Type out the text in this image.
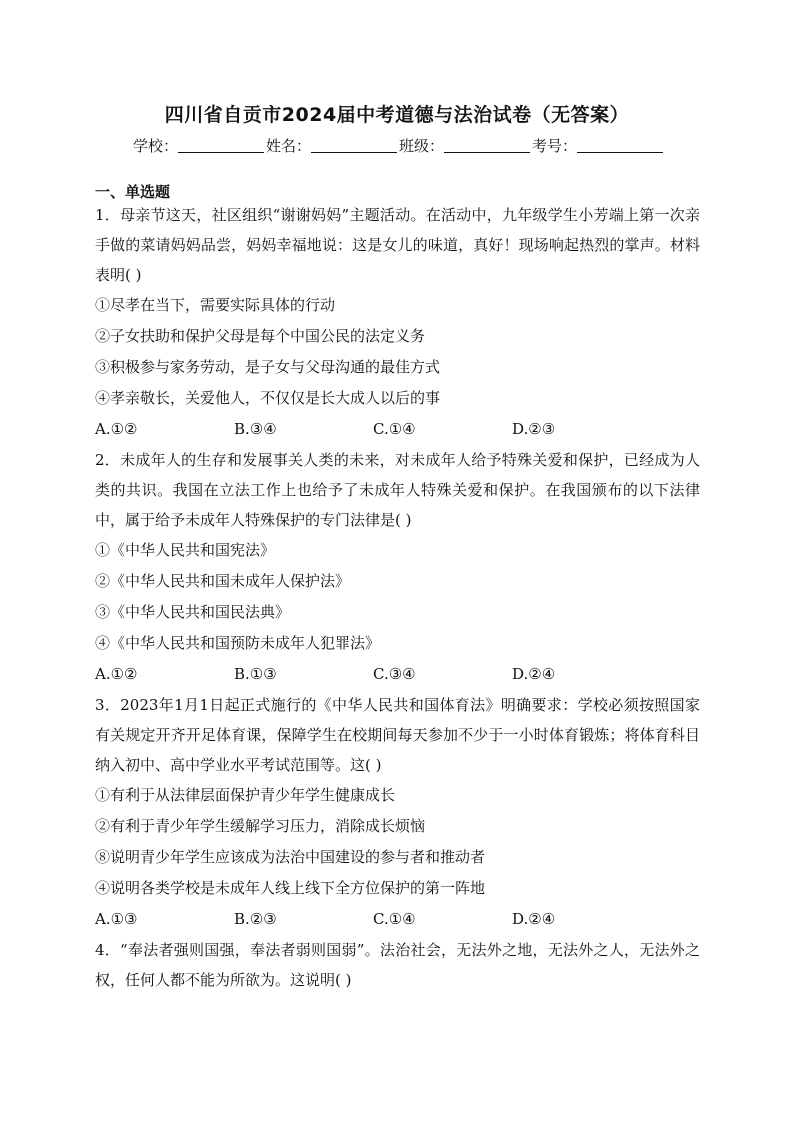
四川省自贡市2024届中考道德与法治试卷（无答案）
学校：	姓名：	班级：	考号：
一、单选题

1．母亲节这天，社区组织“谢谢妈妈”主题活动。在活动中，九年级学生小芳端上第一次亲手做的菜请妈妈品尝，妈妈幸福地说：这是女儿的味道，真好！现场响起热烈的掌声。材料表明( )

①尽孝在当下，需要实际具体的行动
②子女扶助和保护父母是每个中国公民的法定义务
③积极参与家务劳动，是子女与父母沟通的最佳方式
④孝亲敬长，关爱他人，不仅仅是长大成人以后的事
A.①②	B.③④	C.①④	D.②③

2．未成年人的生存和发展事关人类的未来，对未成年人给予特殊关爱和保护，已经成为人类的共识。我国在立法工作上也给予了未成年人特殊关爱和保护。在我国颁布的以下法律中，属于给予未成年人特殊保护的专门法律是( )

①《中华人民共和国宪法》
②《中华人民共和国未成年人保护法》
③《中华人民共和国民法典》
④《中华人民共和国预防未成年人犯罪法》
A.①②	B.①③	C.③④	D.②④

3．2023年1月1日起正式施行的《中华人民共和国体育法》明确要求：学校必须按照国家有关规定开齐开足体育课，保障学生在校期间每天参加不少于一小时体育锻炼；将体育科目纳入初中、高中学业水平考试范围等。这( )

①有利于从法律层面保护青少年学生健康成长
②有利于青少年学生缓解学习压力，消除成长烦恼
⑧说明青少年学生应该成为法治中国建设的参与者和推动者
④说明各类学校是未成年人线上线下全方位保护的第一阵地
A.①③	B.②③	C.①④	D.②④

4．“奉法者强则国强，奉法者弱则国弱”。法治社会，无法外之地，无法外之人，无法外之权，任何人都不能为所欲为。这说明( )
